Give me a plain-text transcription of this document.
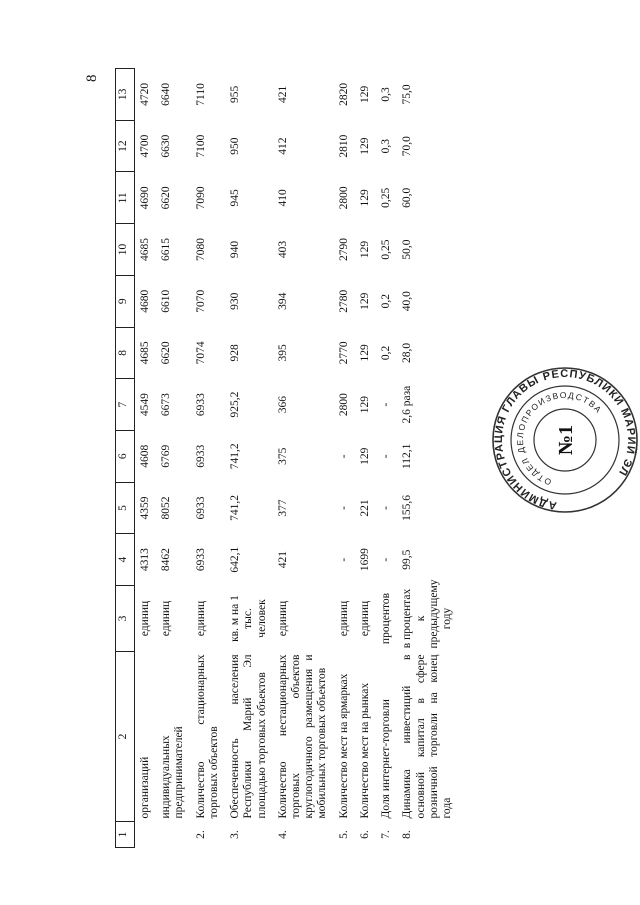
8
1	2	3	4	5	6	7	8	9	10	11	12	13
	организаций	единиц	4313	4359	4608	4549	4685	4680	4685	4690	4700	4720
	индивидуальных предпринимателей	единиц	8462	8052	6769	6673	6620	6610	6615	6620	6630	6640
2.	Количество стационарных торговых объектов	единиц	6933	6933	6933	6933	7074	7070	7080	7090	7100	7110
3.	Обеспеченность населения Республики Марий Эл площадью торговых объектов	кв. м на 1 тыс. человек	642,1	741,2	741,2	925,2	928	930	940	945	950	955
4.	Количество нестационарных торговых объектов круглогодичного размещения и мобильных торговых объектов	единиц	421	377	375	366	395	394	403	410	412	421
5.	Количество мест на ярмарках	единиц	-	-	-	2800	2770	2780	2790	2800	2810	2820
6.	Количество мест на рынках	единиц	1699	221	129	129	129	129	129	129	129	129
7.	Доля интернет-торговли	процентов	-	-	-	-	0,2	0,2	0,25	0,25	0,3	0,3
8.	Динамика инвестиций в основной капитал в сфере розничной торговли на конец года	в процентах к предыдущему году	99,5	155,6	112,1	2,6 раза	28,0	40,0	50,0	60,0	70,0	75,0
АДМИНИСТРАЦИЯ ГЛАВЫ РЕСПУБЛИКИ МАРИЙ ЭЛ
ОТДЕЛ ДЕЛОПРОИЗВОДСТВА
№1
